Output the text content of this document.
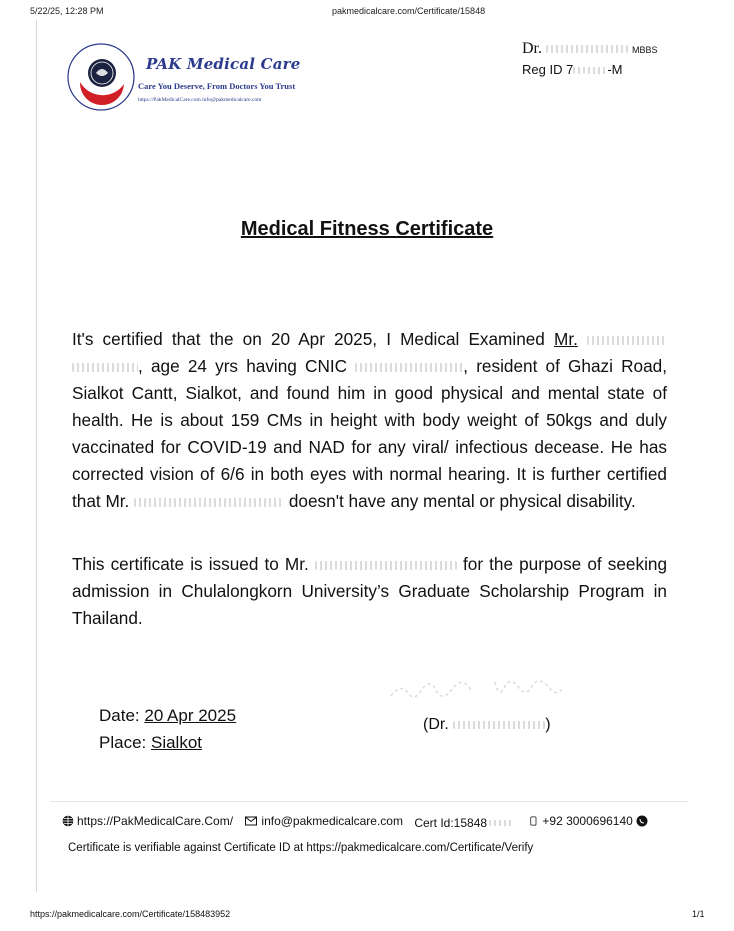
5/22/25, 12:28 PM	pakmedicalcare.com/Certificate/15848
PAK Medical Care
Care You Deserve, From Doctors You Trust
https://PakMedicalCare.com info@pakmedicalcare.com
Dr.	MBBS
Reg ID 7	-M
Medical Fitness Certificate
It's certified that the on 20 Apr 2025, I Medical Examined Mr.  , age 24 yrs having CNIC	, resident of Ghazi Road, Sialkot Cantt, Sialkot, and found him in good physical and mental state of health. He is about 159 CMs in height with body weight of 50kgs and duly vaccinated for COVID-19 and NAD for any viral/ infectious decease. He has corrected vision of 6/6 in both eyes with normal hearing. It is further certified that Mr.	doesn't have any mental or physical disability.
This certificate is issued to Mr.	for the purpose of seeking admission in Chulalongkorn University’s Graduate Scholarship Program in Thailand.
Date: 20 Apr 2025
Place: Sialkot
(Dr.	)
https://PakMedicalCare.Com/
info@pakmedicalcare.com
Cert Id:15848
	+92 3000696140
Certificate is verifiable against Certificate ID at https://pakmedicalcare.com/Certificate/Verify
https://pakmedicalcare.com/Certificate/158483952	1/1
